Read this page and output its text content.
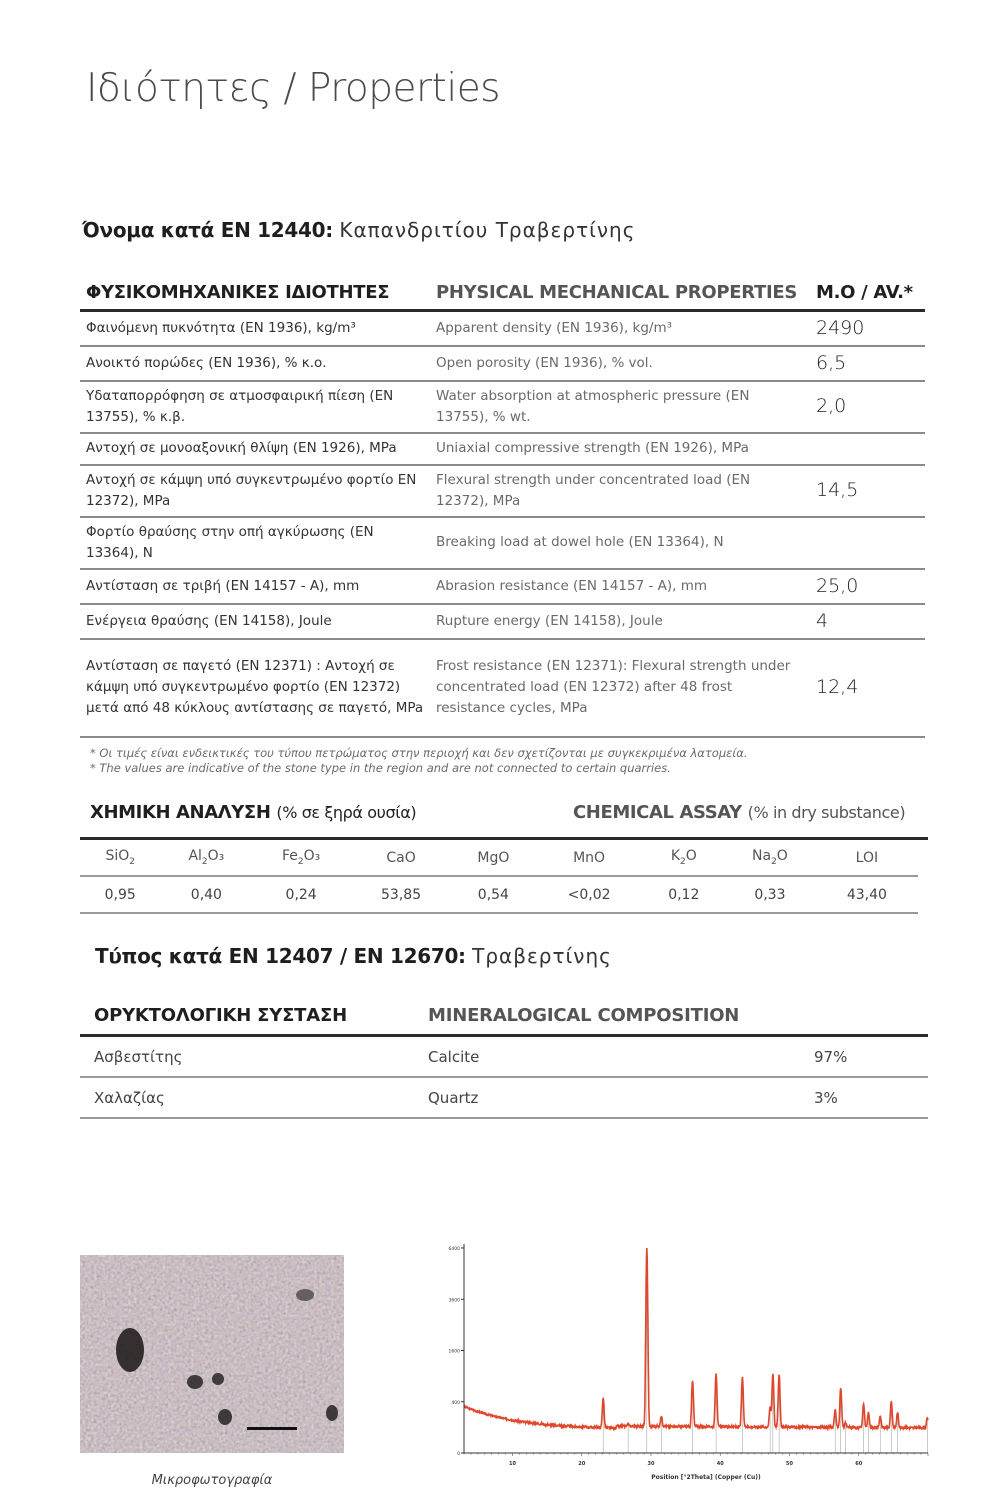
Ιδιότητες / Properties
Όνομα κατά EN 12440: Καπανδριτίου Τραβερτίνης
ΦΥΣΙΚΟΜΗΧΑΝΙΚΕΣ ΙΔΙΟΤΗΤΕΣ	PHYSICAL MECHANICAL PROPERTIES	M.O / AV.*
Φαινόμενη πυκνότητα (EN 1936), kg/m³	Apparent density (EN 1936), kg/m³	2490
Ανοικτό πορώδες (EN 1936), % κ.ο.	Open porosity (EN 1936), % vol.	6,5
Υδαταπορρόφηση σε ατμοσφαιρική πίεση (EN 13755), % κ.β.	Water absorption at atmospheric pressure (EN 13755), % wt.	2,0
Αντοχή σε μονοαξονική θλίψη (EN 1926), MPa	Uniaxial compressive strength (EN 1926), MPa	
Αντοχή σε κάμψη υπό συγκεντρωμένο φορτίο EN 12372), MPa	Flexural strength under concentrated load (EN 12372), MPa	14,5
Φορτίο θραύσης στην οπή αγκύρωσης (EN 13364), N	Breaking load at dowel hole (EN 13364), N	
Αντίσταση σε τριβή (EN 14157 - A), mm	Abrasion resistance (EN 14157 - A), mm	25,0
Ενέργεια θραύσης (EN 14158), Joule	Rupture energy (EN 14158), Joule	4
Αντίσταση σε παγετό (EN 12371) : Αντοχή σε κάμψη υπό συγκεντρωμένο φορτίο (EN 12372) μετά από 48 κύκλους αντίστασης σε παγετό, MPa	Frost resistance (EN 12371): Flexural strength under concentrated load (EN 12372) after 48 frost resistance cycles, MPa	12,4
* Οι τιμές είναι ενδεικτικές του τύπου πετρώματος στην περιοχή και δεν σχετίζονται με συγκεκριμένα λατομεία.
* The values are indicative of the stone type in the region and are not connected to certain quarries.
ΧΗΜΙΚΗ ΑΝΑΛΥΣΗ (% σε ξηρά ουσία)	CHEMICAL ASSAY (% in dry substance)
SiO$_2$	$Al_2O_3$	$Fe_2O_3$	CaO	MgO	MnO	$K_2O$	$Na_2O$	LOI
0,95	0,40	0,24	53,85	0,54	<0,02	0,12	0,33	43,40
Τύπος κατά EN 12407 / EN 12670: Τραβερτίνης
ΟΡΥΚΤΟΛΟΓΙΚΗ ΣΥΣΤΑΣΗ	MINERALOGICAL COMPOSITION	
Ασβεστίτης	Calcite	97%
Χαλαζίας	Quartz	3%
Μικροφωτογραφία
0
400
1600
3600
6400
10	20	30	40	50	60
Position [°2Theta] (Copper (Cu))
